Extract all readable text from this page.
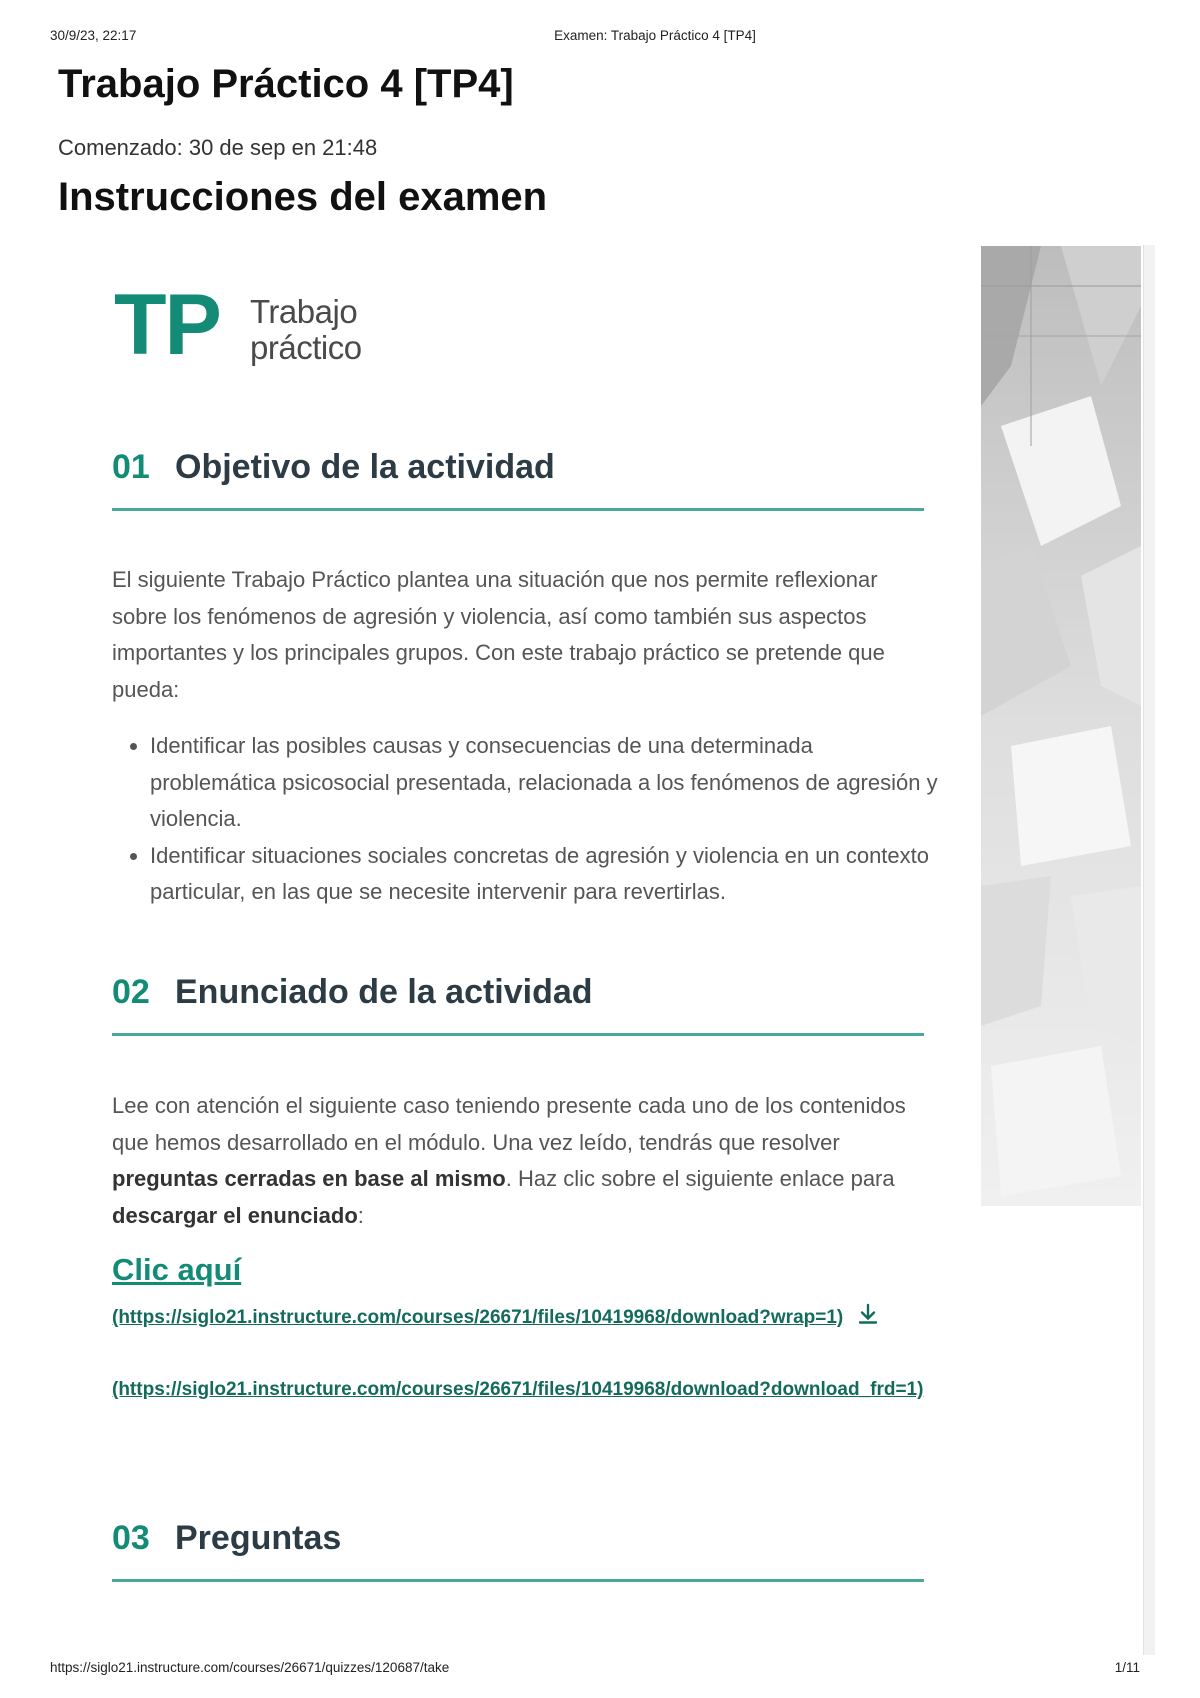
30/9/23, 22:17	Examen: Trabajo Práctico 4 [TP4]
Trabajo Práctico 4 [TP4]

Comenzado: 30 de sep en 21:48

Instrucciones del examen
TP Trabajo
práctico
01 Objetivo de la actividad

El siguiente Trabajo Práctico plantea una situación que nos permite reflexionar sobre los fenómenos de agresión y violencia, así como también sus aspectos importantes y los principales grupos. Con este trabajo práctico se pretende que pueda:

• Identificar las posibles causas y consecuencias de una determinada problemática psicosocial presentada, relacionada a los fenómenos de agresión y violencia.
• Identificar situaciones sociales concretas de agresión y violencia en un contexto particular, en las que se necesite intervenir para revertirlas.
02 Enunciado de la actividad

Lee con atención el siguiente caso teniendo presente cada uno de los contenidos que hemos desarrollado en el módulo. Una vez leído, tendrás que resolver preguntas cerradas en base al mismo. Haz clic sobre el siguiente enlace para descargar el enunciado:

Clic aquí
(https://siglo21.instructure.com/courses/26671/files/10419968/download?wrap=1)
(https://siglo21.instructure.com/courses/26671/files/10419968/download?download_frd=1)
03 Preguntas
https://siglo21.instructure.com/courses/26671/quizzes/120687/take	1/11
